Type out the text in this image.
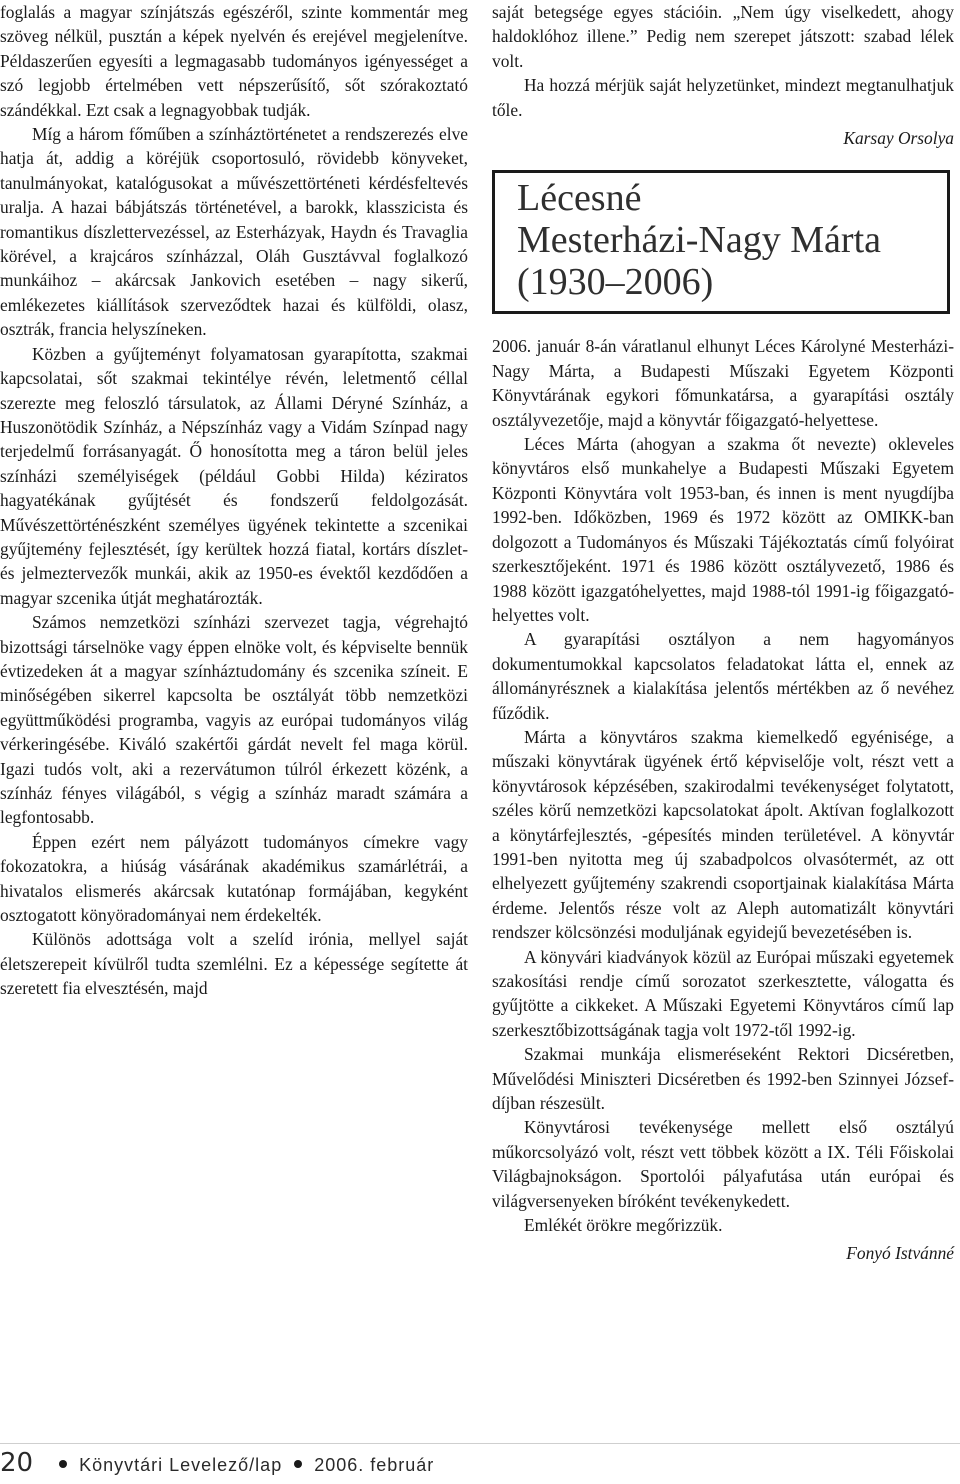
foglalás a magyar színjátszás egészéről, szinte kommentár meg szöveg nélkül, pusztán a képek nyelvén és erejével megjelenítve. Példaszerűen egyesíti a legmagasabb tudományos igényességet a szó legjobb értelmében vett népszerűsítő, sőt szórakoztató szándékkal. Ezt csak a legnagyobbak tudják.

Míg a három főműben a színháztörténetet a rendszerezés elve hatja át, addig a köréjük csoportosuló, rövidebb könyveket, tanulmányokat, katalógusokat a művészettörténeti kérdésfeltevés uralja. A hazai bábjátszás történetével, a barokk, klasszicista és romantikus díszlettervezéssel, az Esterházyak, Haydn és Travaglia körével, a krajcáros színházzal, Oláh Gusztávval foglalkozó munkáihoz – akárcsak Jankovich esetében – nagy sikerű, emlékezetes kiállítások szerveződtek hazai és külföldi, olasz, osztrák, francia helyszíneken.

Közben a gyűjteményt folyamatosan gyarapította, szakmai kapcsolatai, sőt szakmai tekintélye révén, leletmentő céllal szerezte meg feloszló társulatok, az Állami Déryné Színház, a Huszonötödik Színház, a Népszínház vagy a Vidám Színpad nagy terjedelmű forrásanyagát. Ő honosította meg a táron belül jeles színházi személyiségek (például Gobbi Hilda) kéziratos hagyatékának gyűjtését és fondszerű feldolgozását. Művészettörténészként személyes ügyének tekintette a szcenikai gyűjtemény fejlesztését, így kerültek hozzá fiatal, kortárs díszlet- és jelmeztervezők munkái, akik az 1950-es évektől kezdődően a magyar szcenika útját meghatározták.

Számos nemzetközi színházi szervezet tagja, végrehajtó bizottsági társelnöke vagy éppen elnöke volt, és képviselte bennük évtizedeken át a magyar színháztudomány és szcenika színeit. E minőségében sikerrel kapcsolta be osztályát több nemzetközi együttműködési programba, vagyis az európai tudományos világ vérkeringésébe. Kiváló szakértői gárdát nevelt fel maga körül. Igazi tudós volt, aki a rezervátumon túlról érkezett közénk, a színház fényes világából, s végig a színház maradt számára a legfontosabb.

Éppen ezért nem pályázott tudományos címekre vagy fokozatokra, a hiúság vásárának akadémikus szamárlétrái, a hivatalos elismerés akárcsak kutatónap formájában, kegyként osztogatott könyöradományai nem érdekelték.

Különös adottsága volt a szelíd irónia, mellyel saját életszerepeit kívülről tudta szemlélni. Ez a képessége segítette át szeretett fia elvesztésén, majd

saját betegsége egyes stációin. „Nem úgy viselkedett, ahogy haldoklóhoz illene.” Pedig nem szerepet játszott: szabad lélek volt.

Ha hozzá mérjük saját helyzetünket, mindezt megtanulhatjuk tőle.

Karsay Orsolya

Lécesné
Mesterházi-Nagy Márta
(1930–2006)

2006. január 8-án váratlanul elhunyt Léces Károlyné Mesterházi-Nagy Márta, a Budapesti Műszaki Egyetem Központi Könyvtárának egykori főmunkatársa, a gyarapítási osztály osztályvezetője, majd a könyvtár főigazgató-helyettese.

Léces Márta (ahogyan a szakma őt nevezte) okleveles könyvtáros első munkahelye a Budapesti Műszaki Egyetem Központi Könyvtára volt 1953-ban, és innen is ment nyugdíjba 1992-ben. Időközben, 1969 és 1972 között az OMIKK-ban dolgozott a Tudományos és Műszaki Tájékoztatás című folyóirat szerkesztőjeként. 1971 és 1986 között osztályvezető, 1986 és 1988 között igazgatóhelyettes, majd 1988-tól 1991-ig főigazgató-helyettes volt.

A gyarapítási osztályon a nem hagyományos dokumentumokkal kapcsolatos feladatokat látta el, ennek az állományrésznek a kialakítása jelentős mértékben az ő nevéhez fűződik.

Márta a könyvtáros szakma kiemelkedő egyénisége, a műszaki könyvtárak ügyének értő képviselője volt, részt vett a könyvtárosok képzésében, szakirodalmi tevékenységet folytatott, széles körű nemzetközi kapcsolatokat ápolt. Aktívan foglalkozott a könytárfejlesztés, -gépesítés minden területével. A könyvtár 1991-ben nyitotta meg új szabadpolcos olvasótermét, az ott elhelyezett gyűjtemény szakrendi csoportjainak kialakítása Márta érdeme. Jelentős része volt az Aleph automatizált könyvtári rendszer kölcsönzési moduljának egyidejű bevezetésében is.

A könyvári kiadványok közül az Európai műszaki egyetemek szakosítási rendje című sorozatot szerkesztette, válogatta és gyűjtötte a cikkeket. A Műszaki Egyetemi Könyvtáros című lap szerkesztőbizottságának tagja volt 1972-től 1992-ig.

Szakmai munkája elismeréseként Rektori Dicséretben, Művelődési Miniszteri Dicséretben és 1992-ben Szinnyei József-díjban részesült.

Könyvtárosi tevékenysége mellett első osztályú műkorcsolyázó volt, részt vett többek között a IX. Téli Főiskolai Világbajnokságon. Sportolói pályafutása után európai és világversenyeken bíróként tevékenykedett.

Emlékét örökre megőrizzük.

Fonyó Istvánné

20	Könyvtári Levelező/lap 2006. február
